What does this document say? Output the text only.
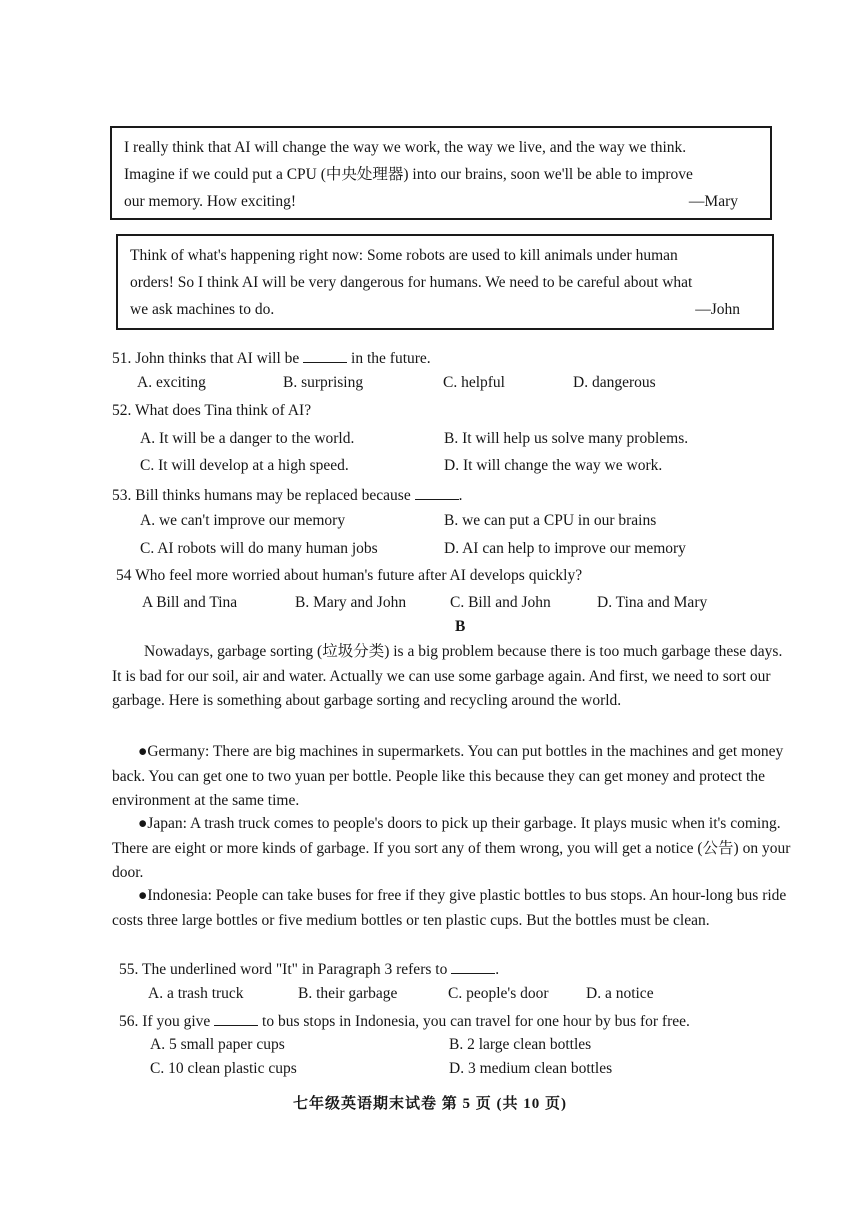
I really think that AI will change the way we work, the way we live, and the way we think.
Imagine if we could put a CPU (中央处理器) into our brains, soon we'll be able to improve
our memory. How exciting!	—Mary
Think of what's happening right now: Some robots are used to kill animals under human
orders! So I think AI will be very dangerous for humans. We need to be careful about what
we ask machines to do.	—John
51. John thinks that AI will be	in the future.
A. exciting	B. surprising	C. helpful	D. dangerous
52. What does Tina think of AI?
A. It will be a danger to the world.	B. It will help us solve many problems.
C. It will develop at a high speed.	D. It will change the way we work.
53. Bill thinks humans may be replaced because	.
A. we can't improve our memory	B. we can put a CPU in our brains
C. AI robots will do many human jobs	D. AI can help to improve our memory
54 Who feel more worried about human's future after AI develops quickly?
A Bill and Tina	B. Mary and John	C. Bill and John	D. Tina and Mary
B
Nowadays, garbage sorting (垃圾分类) is a big problem because there is too much garbage these days. It is bad for our soil, air and water. Actually we can use some garbage again. And first, we need to sort our garbage. Here is something about garbage sorting and recycling around the world.
●Germany: There are big machines in supermarkets. You can put bottles in the machines and get money back. You can get one to two yuan per bottle. People like this because they can get money and protect the environment at the same time.
●Japan: A trash truck comes to people's doors to pick up their garbage. It plays music when it's coming. There are eight or more kinds of garbage. If you sort any of them wrong, you will get a notice (公告) on your door.
●Indonesia: People can take buses for free if they give plastic bottles to bus stops. An hour-long bus ride costs three large bottles or five medium bottles or ten plastic cups. But the bottles must be clean.
55. The underlined word "It" in Paragraph 3 refers to	.
A. a trash truck	B. their garbage	C. people's door D. a notice
56. If you give	to bus stops in Indonesia, you can travel for one hour by bus for free.
A. 5 small paper cups	B. 2 large clean bottles
C. 10 clean plastic cups	D. 3 medium clean bottles
七年级英语期末试卷 第 5 页 (共 10 页)
